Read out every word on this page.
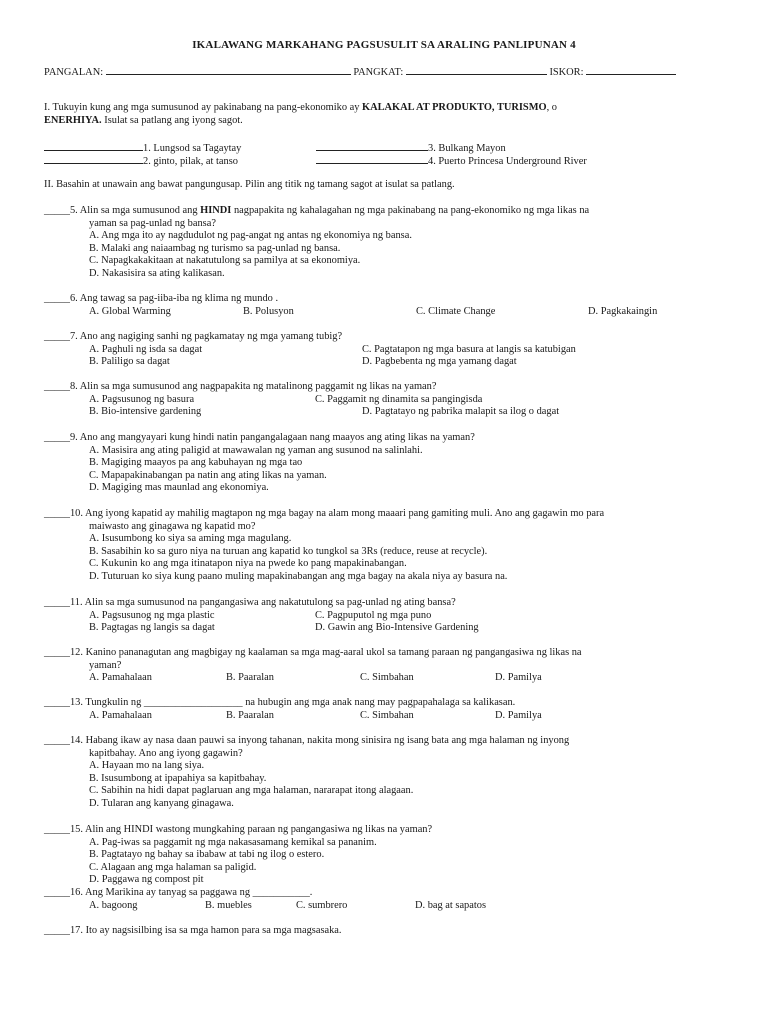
IKALAWANG MARKAHANG PAGSUSULIT SA ARALING PANLIPUNAN 4
PANGALAN:	PANGKAT:	ISKOR:
I. Tukuyin kung ang mga sumusunod ay pakinabang na pang-ekonomiko ay KALAKAL AT PRODUKTO, TURISMO, o
ENERHIYA. Isulat sa patlang ang iyong sagot.
1. Lungsod sa Tagaytay	3. Bulkang Mayon
2. ginto, pilak, at tanso	4. Puerto Princesa Underground River
II. Basahin at unawain ang bawat pangungusap. Pilin ang titik ng tamang sagot at isulat sa patlang.
_____5. Alin sa mga sumusunod ang HINDI nagpapakita ng kahalagahan ng mga pakinabang na pang-ekonomiko ng mga likas na
yaman sa pag-unlad ng bansa?
A. Ang mga ito ay nagdudulot ng pag-angat ng antas ng ekonomiya ng bansa.
B. Malaki ang naiaambag ng turismo sa pag-unlad ng bansa.
C. Napagkakakitaan at nakatutulong sa pamilya at sa ekonomiya.
D. Nakasisira sa ating kalikasan.
_____6. Ang tawag sa pag-iiba-iba ng klima ng mundo .
A. Global Warming	B. Polusyon	C. Climate Change	D. Pagkakaingin
_____7. Ano ang nagiging sanhi ng pagkamatay ng mga yamang tubig?
A. Paghuli ng isda sa dagat	C. Pagtatapon ng mga basura at langis sa katubigan
B. Paliligo sa dagat	D. Pagbebenta ng mga yamang dagat
_____8. Alin sa mga sumusunod ang nagpapakita ng matalinong paggamit ng likas na yaman?
A. Pagsusunog ng basura	C. Paggamit ng dinamita sa pangingisda
B. Bio-intensive gardening	D. Pagtatayo ng pabrika malapit sa ilog o dagat
_____9. Ano ang mangyayari kung hindi natin pangangalagaan nang maayos ang ating likas na yaman?
A. Masisira ang ating paligid at mawawalan ng yaman ang susunod na salinlahi.
B. Magiging maayos pa ang kabuhayan ng mga tao
C. Mapapakinabangan pa natin ang ating likas na yaman.
D. Magiging mas maunlad ang ekonomiya.
_____10. Ang iyong kapatid ay mahilig magtapon ng mga bagay na alam mong maaari pang gamiting muli. Ano ang gagawin mo para
maiwasto ang ginagawa ng kapatid mo?
A. Isusumbong ko siya sa aming mga magulang.
B. Sasabihin ko sa guro niya na turuan ang kapatid ko tungkol sa 3Rs (reduce, reuse at recycle).
C. Kukunin ko ang mga itinatapon niya na pwede ko pang mapakinabangan.
D. Tuturuan ko siya kung paano muling mapakinabangan ang mga bagay na akala niya ay basura na.
_____11. Alin sa mga sumusunod na pangangasiwa ang nakatutulong sa pag-unlad ng ating bansa?
A. Pagsusunog ng mga plastic	C. Pagpuputol ng mga puno
B. Pagtagas ng langis sa dagat	D. Gawin ang Bio-Intensive Gardening
_____12. Kanino pananagutan ang magbigay ng kaalaman sa mga mag-aaral ukol sa tamang paraan ng pangangasiwa ng likas na
yaman?
A. Pamahalaan	B. Paaralan	C. Simbahan	D. Pamilya
_____13. Tungkulin ng ___________________ na hubugin ang mga anak nang may pagpapahalaga sa kalikasan.
A. Pamahalaan	B. Paaralan	C. Simbahan	D. Pamilya
_____14. Habang ikaw ay nasa daan pauwi sa inyong tahanan, nakita mong sinisira ng isang bata ang mga halaman ng inyong
kapitbahay. Ano ang iyong gagawin?
A. Hayaan mo na lang siya.
B. Isusumbong at ipapahiya sa kapitbahay.
C. Sabihin na hidi dapat paglaruan ang mga halaman, nararapat itong alagaan.
D. Tularan ang kanyang ginagawa.
_____15. Alin ang HINDI wastong mungkahing paraan ng pangangasiwa ng likas na yaman?
A. Pag-iwas sa paggamit ng mga nakasasamang kemikal sa pananim.
B. Pagtatayo ng bahay sa ibabaw at tabi ng ilog o estero.
C. Alagaan ang mga halaman sa paligid.
D. Paggawa ng compost pit
_____16. Ang Marikina ay tanyag sa paggawa ng ___________.
A. bagoong	B. muebles	C. sumbrero	D. bag at sapatos
_____17. Ito ay nagsisilbing isa sa mga hamon para sa mga magsasaka.
